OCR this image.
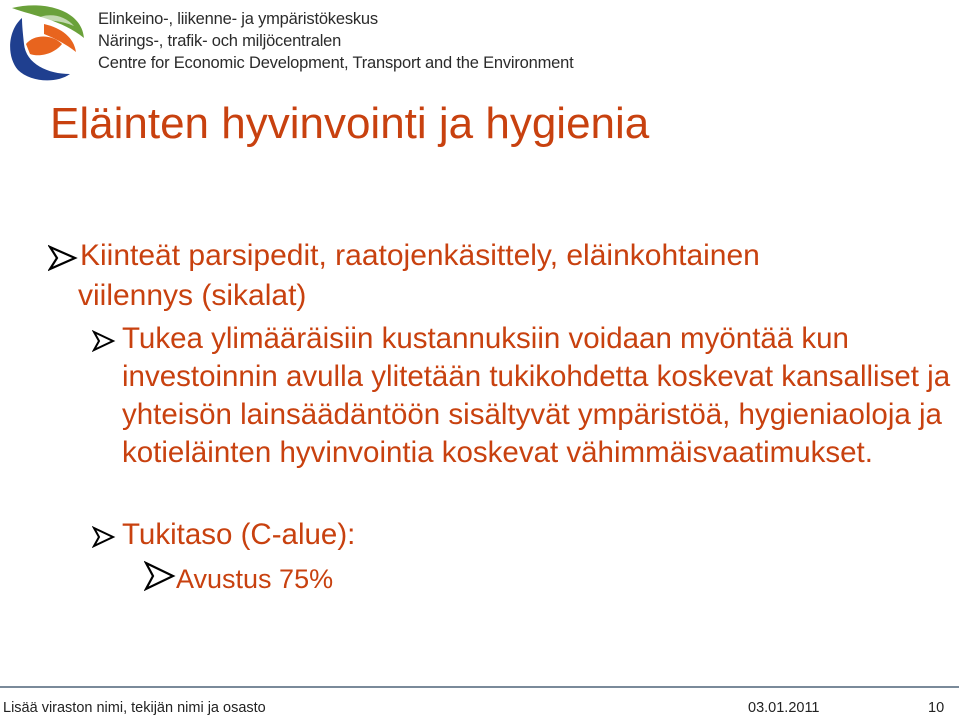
Elinkeino-, liikenne- ja ympäristökeskus
Närings-, trafik- och miljöcentralen
Centre for Economic Development, Transport and the Environment
Eläinten hyvinvointi ja hygienia
Kiinteät parsipedit, raatojenkäsittely, eläinkohtainen
viilennys (sikalat)
Tukea ylimääräisiin kustannuksiin voidaan myöntää kun investoinnin avulla ylitetään tukikohdetta koskevat kansalliset ja yhteisön lainsäädäntöön sisältyvät ympäristöä, hygieniaoloja ja kotieläinten hyvinvointia koskevat vähimmäisvaatimukset.
Tukitaso (C-alue):
Avustus 75%
Lisää viraston nimi, tekijän nimi ja osasto	03.01.2011	10
